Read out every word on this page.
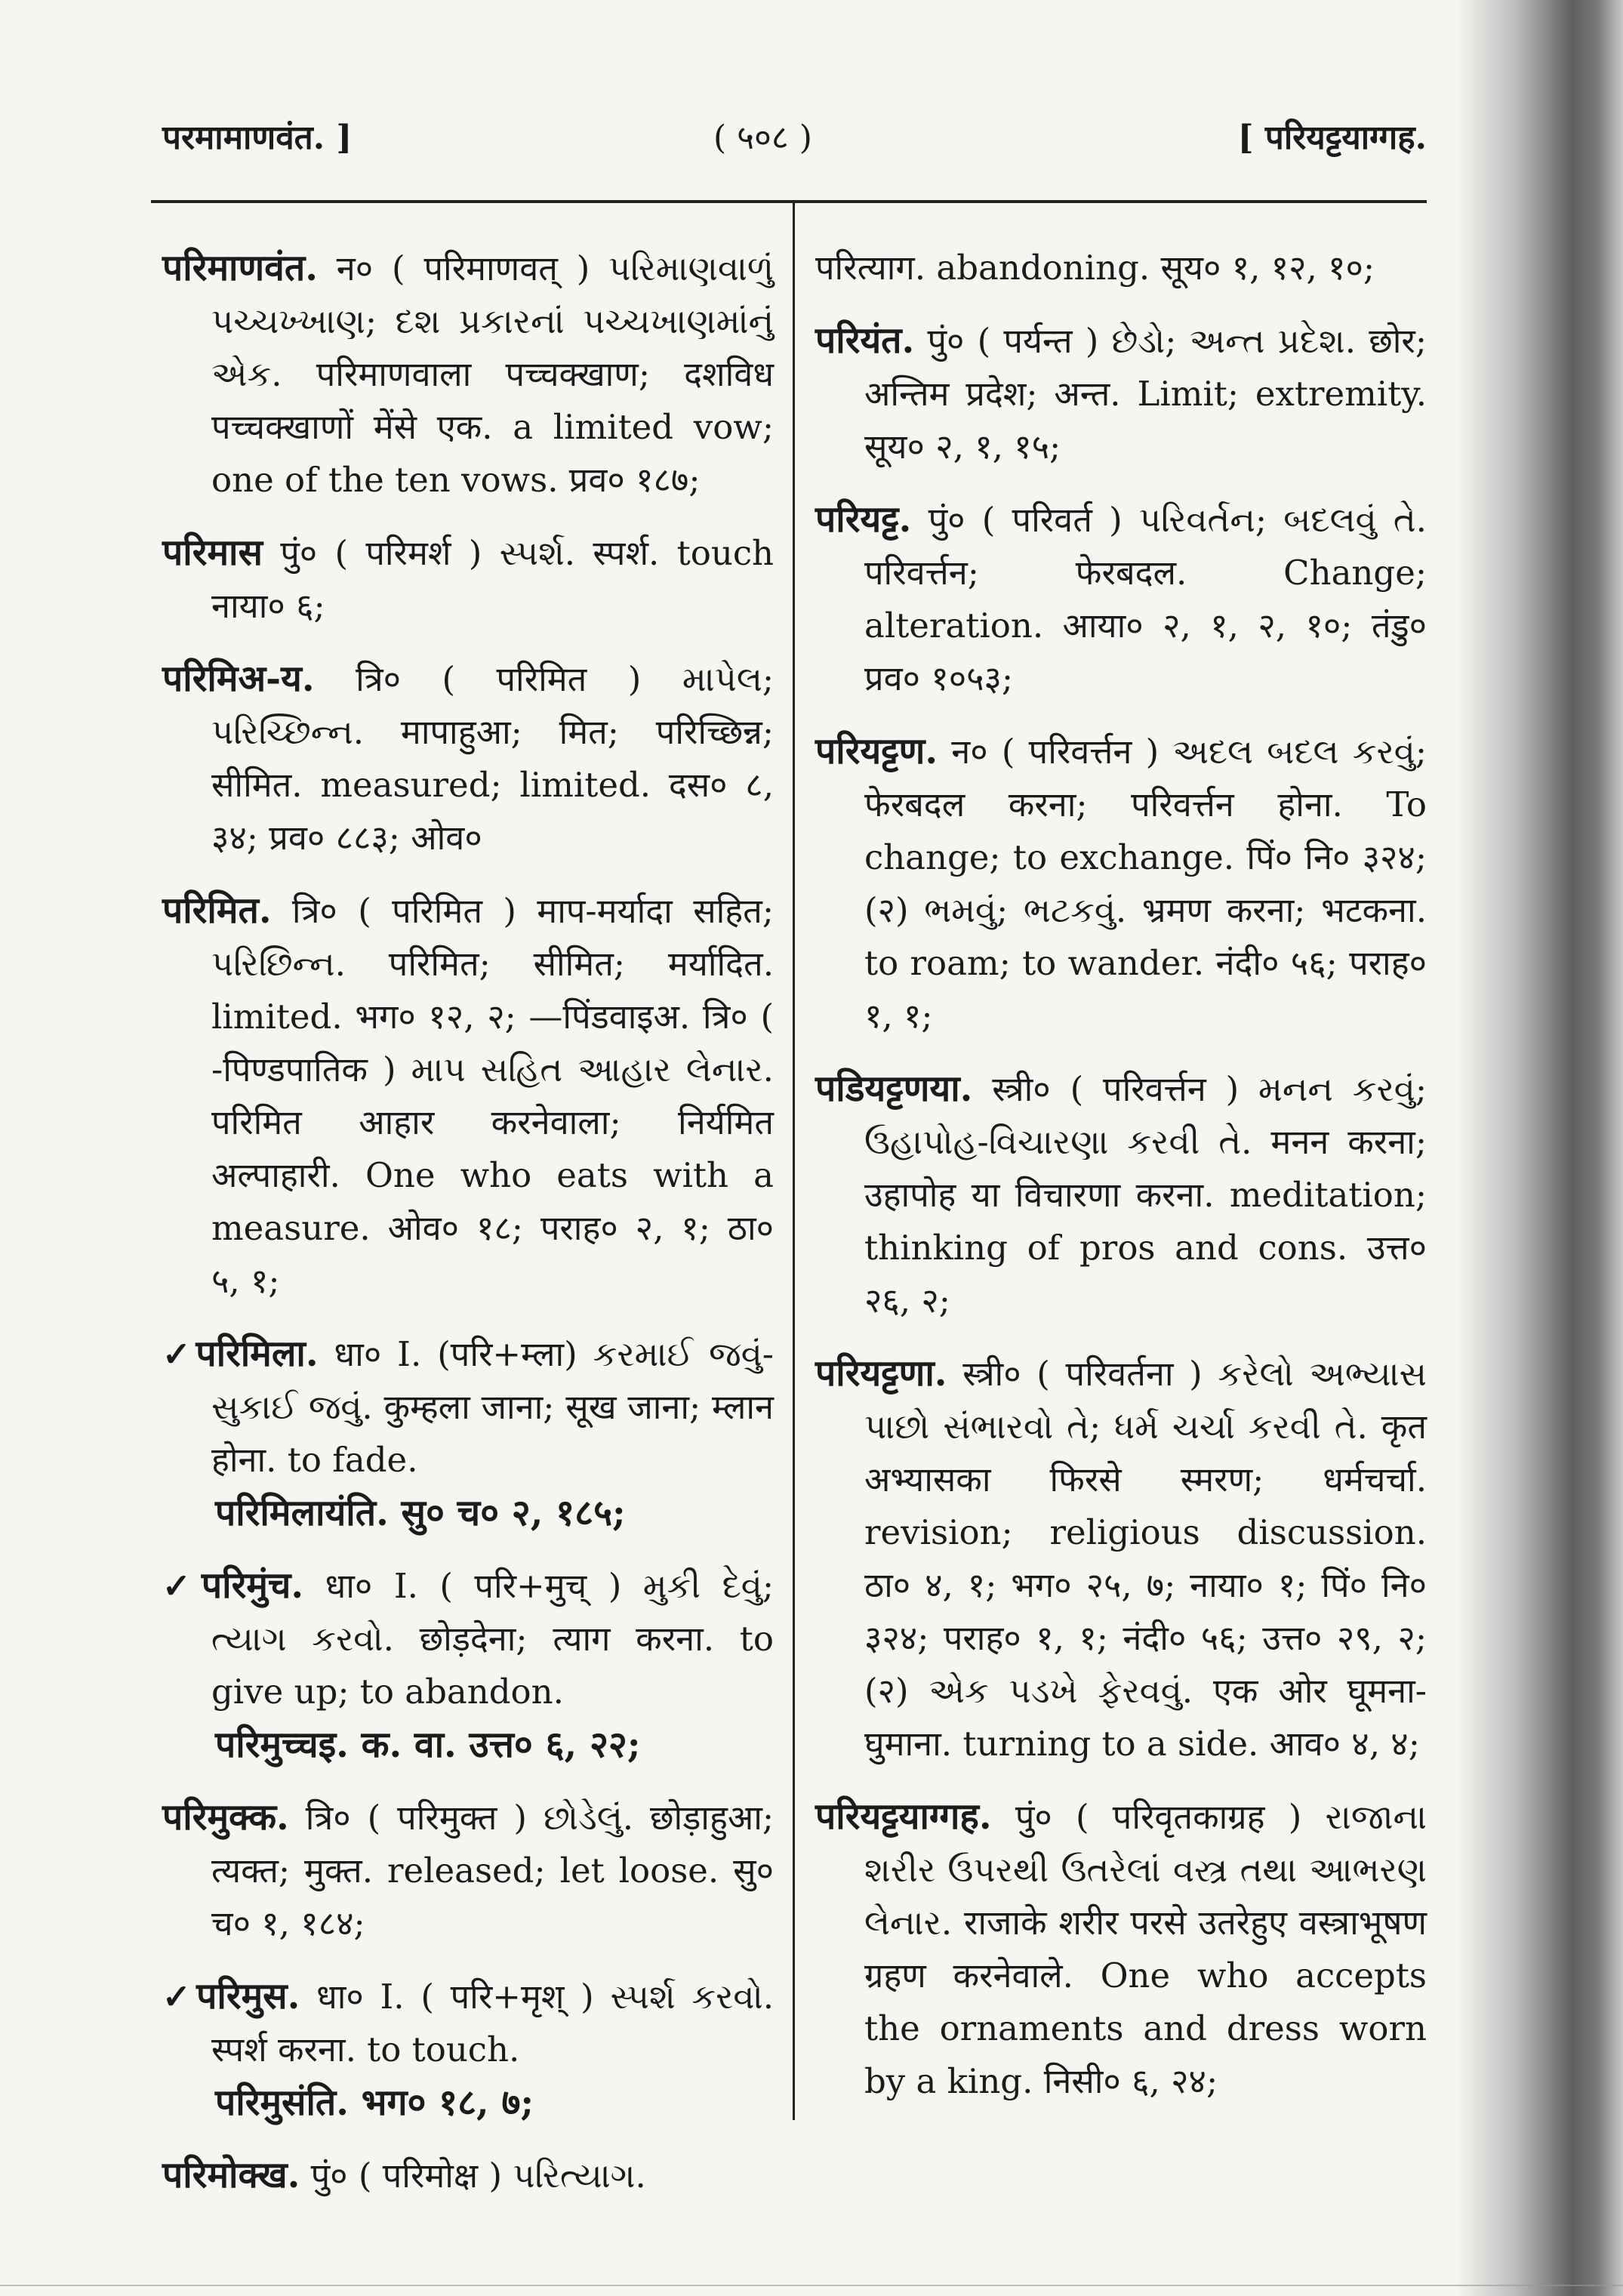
परमामाणवंत. ]	( ५०८ )	[ परियट्टयाग्गह.
परिमाणवंत. न० ( परिमाणवत् ) પરિમાણવાળું પચ્ચખ્ખાણ; દશ પ્રકારનાં પચ્ચખાણમાંનું એક. परिमाणवाला पच्चक्खाण; दशविध पच्चक्खाणों मेंसे एक. a limited vow; one of the ten vows. प्रव० १८७;
परिमास पुं० ( परिमर्श ) સ્પર્શ. स्पर्श. touch नाया० ६;
परिमिअ-य. त्रि० ( परिमित ) માપેલ; પરિચ્છિન્ન. मापाहुआ; मित; परिच्छिन्न; सीमित. measured; limited. दस० ८, ३४; प्रव० ८८३; ओव०
परिमित. त्रि० ( परिमित ) माप-मर्यादा सहित; પરિછિન્ન. परिमित; सीमित; मर्यादित. limited. भग० १२, २; —पिंडवाइअ. त्रि० ( -पिण्डपातिक ) માપ સહિત આહાર લેનાર. परिमित आहार करनेवाला; निर्यमित अल्पाहारी. One who eats with a measure. ओव० १८; पराह० २, १; ठा० ५, १;
✓परिमिला. धा० I. (परि+म्ला) કરમાઈ જવું-સુકાઈ જવું. कुम्हला जाना; सूख जाना; म्लान होना. to fade.
परिमिलायंति. सु० च० २, १८५;
✓परिमुंच. धा० I. ( परि+मुच् ) મુકી દેવું; ત્યાગ કરવો. छोड़देना; त्याग करना. to give up; to abandon.
परिमुच्चइ. क. वा. उत्त० ६, २२;
परिमुक्क. त्रि० ( परिमुक्त ) છોડેલું. छोड़ाहुआ; त्यक्त; मुक्त. released; let loose. सु० च० १, १८४;
✓परिमुस. धा० I. ( परि+मृश् ) સ્પર્શ કરવો. स्पर्श करना. to touch.
परिमुसंति. भग० १८, ७;
परिमोक्ख. पुं० ( परिमोक्ष ) પરિત્યાગ.
परित्याग. abandoning. सूय० १, १२, १०;
परियंत. पुं० ( पर्यन्त ) છેડો; અન્ત પ્રદેશ. छोर; अन्तिम प्रदेश; अन्त. Limit; extremity. सूय० २, १, १५;
परियट्ट. पुं० ( परिवर्त ) પરિવર્તન; બદલવું તે. परिवर्त्तन; फेरबदल. Change; alteration. आया० २, १, २, १०; तंडु० प्रव० १०५३;
परियट्टण. न० ( परिवर्त्तन ) અદલ બદલ કરવું; फेरबदल करना; परिवर्त्तन होना. To change; to exchange. पिं० नि० ३२४; (२) ભમવું; ભટકવું. भ्रमण करना; भटकना. to roam; to wander. नंदी० ५६; पराह० १, १;
पडियट्टणया. स्त्री० ( परिवर्त्तन ) મનન કરવું; ઉહાપોહ-વિચારણા કરવી તે. मनन करना; उहापोह या विचारणा करना. meditation; thinking of pros and cons. उत्त० २६, २;
परियट्टणा. स्त्री० ( परिवर्तना ) કરેલો અભ્યાસ પાછો સંભારવો તે; ધર્મ ચર્ચા કરવી તે. कृत अभ्यासका फिरसे स्मरण; धर्मचर्चा. revision; religious discussion. ठा० ४, १; भग० २५, ७; नाया० १; पिं० नि० ३२४; पराह० १, १; नंदी० ५६; उत्त० २९, २; (२) એક પડખે ફેરવવું. एक ओर घूमना-घुमाना. turning to a side. आव० ४, ४;
परियट्टयाग्गह. पुं० ( परिवृतकाग्रह ) રાજાના શરીર ઉપરથી ઉતરેલાં વસ્ત્ર તથા આભરણ લેનાર. राजाके शरीर परसे उतरेहुए वस्त्राभूषण ग्रहण करनेवाले. One who accepts the ornaments and dress worn by a king. निसी० ६, २४;
